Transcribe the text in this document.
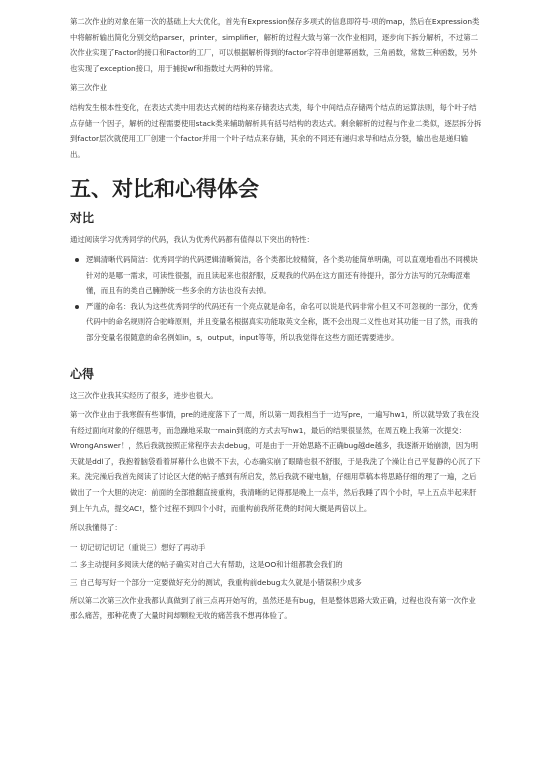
第二次作业的对象在第一次的基础上大大优化，首先有Expression保存多项式的信息即符号·项的map，然后在Expression类中将解析输出简化分别交给parser，printer，simplifier，解析的过程大致与第一次作业相同，逐步向下拆分解析，不过第二次作业实现了Factor的接口和Factor的工厂，可以根据解析得到的factor字符串创建幂函数，三角函数，常数三种函数，另外也实现了exception接口，用于捕捉wf和指数过大两种的异常。

第三次作业

结构发生根本性变化，在表达式类中用表达式树的结构来存储表达式类，每个中间结点存储两个结点的运算法则，每个叶子结点存储一个因子，解析的过程需要使用stack类来辅助解析具有括号结构的表达式。剩余解析的过程与作业二类似，逐层拆分拆到factor层次就使用工厂创建一个factor并用一个叶子结点来存储，其余的不同还有递归求导和结点分裂，输出也是递归输出。

五、对比和心得体会
对比

通过阅读学习优秀同学的代码，我认为优秀代码都有值得以下突出的特性：

逻辑清晰代码简洁：优秀同学的代码逻辑清晰简洁，各个类都比较精简，各个类功能简单明确，可以直观地看出不同模块针对的是哪一需求，可读性很强，而且读起来也很舒服，反观我的代码在这方面还有待提升，部分方法写的冗杂晦涩难懂，而且有的类自己臃肿统一些多余的方法也没有去掉。

严谨的命名：我认为这些优秀同学的代码还有一个亮点就是命名，命名可以说是代码非常小但又不可忽视的一部分，优秀代码中的命名规则符合驼峰原则，并且变量名根据真实功能取英文全称，既不会出现二义性也对其功能一目了然，而我的部分变量名很随意的命名例如in，s，output，input等等，所以我觉得在这些方面还需要进步。

心得

这三次作业我其实经历了很多，进步也很大。

第一次作业由于我寒假有些事情，pre的进度落下了一周，所以第一周我相当于一边写pre，一遍写hw1，所以就导致了我在没有经过面向对象的仔细思考，而急躁地采取一main到底的方式去写hw1，最后的结果很显然，在周五晚上我第一次提交：WrongAnswer！，然后我就按照正常程序去去debug，可是由于一开始思路不正确bug越de越多，我逐渐开始崩溃，因为明天就是ddl了，我抱着脑袋看着屏幕什么也做不下去，心态确实崩了眼睛也很不舒服，于是我洗了个澡让自己平复静的心沉了下来。洗完澡后我首先阅读了讨论区大佬的帖子感到有所启发，然后我就不碰电脑，仔细用草稿本将思路仔细的理了一遍，之后做出了一个大胆的决定：前面的全部推翻直接重构，我清晰的记得那是晚上一点半，然后我睡了四个小时，早上五点半起来肝到上午九点，提交AC!，整个过程不到四个小时，而重构前我所花费的时间大概是两倍以上。

所以我懂得了：

一 切记切记切记（重说三）想好了再动手

二 多主动提问多阅读大佬的帖子确实对自己大有帮助，这是OO和计组都教会我们的

三 自己每写好一个部分一定要做好充分的测试，我重构前debug太久就是小错误积少成多

所以第二次第三次作业我都认真做到了前三点再开始写的，虽然还是有bug，但是整体思路大致正确，过程也没有第一次作业那么痛苦，那种花费了大量时间却颗粒无收的痛苦我不想再体验了。
